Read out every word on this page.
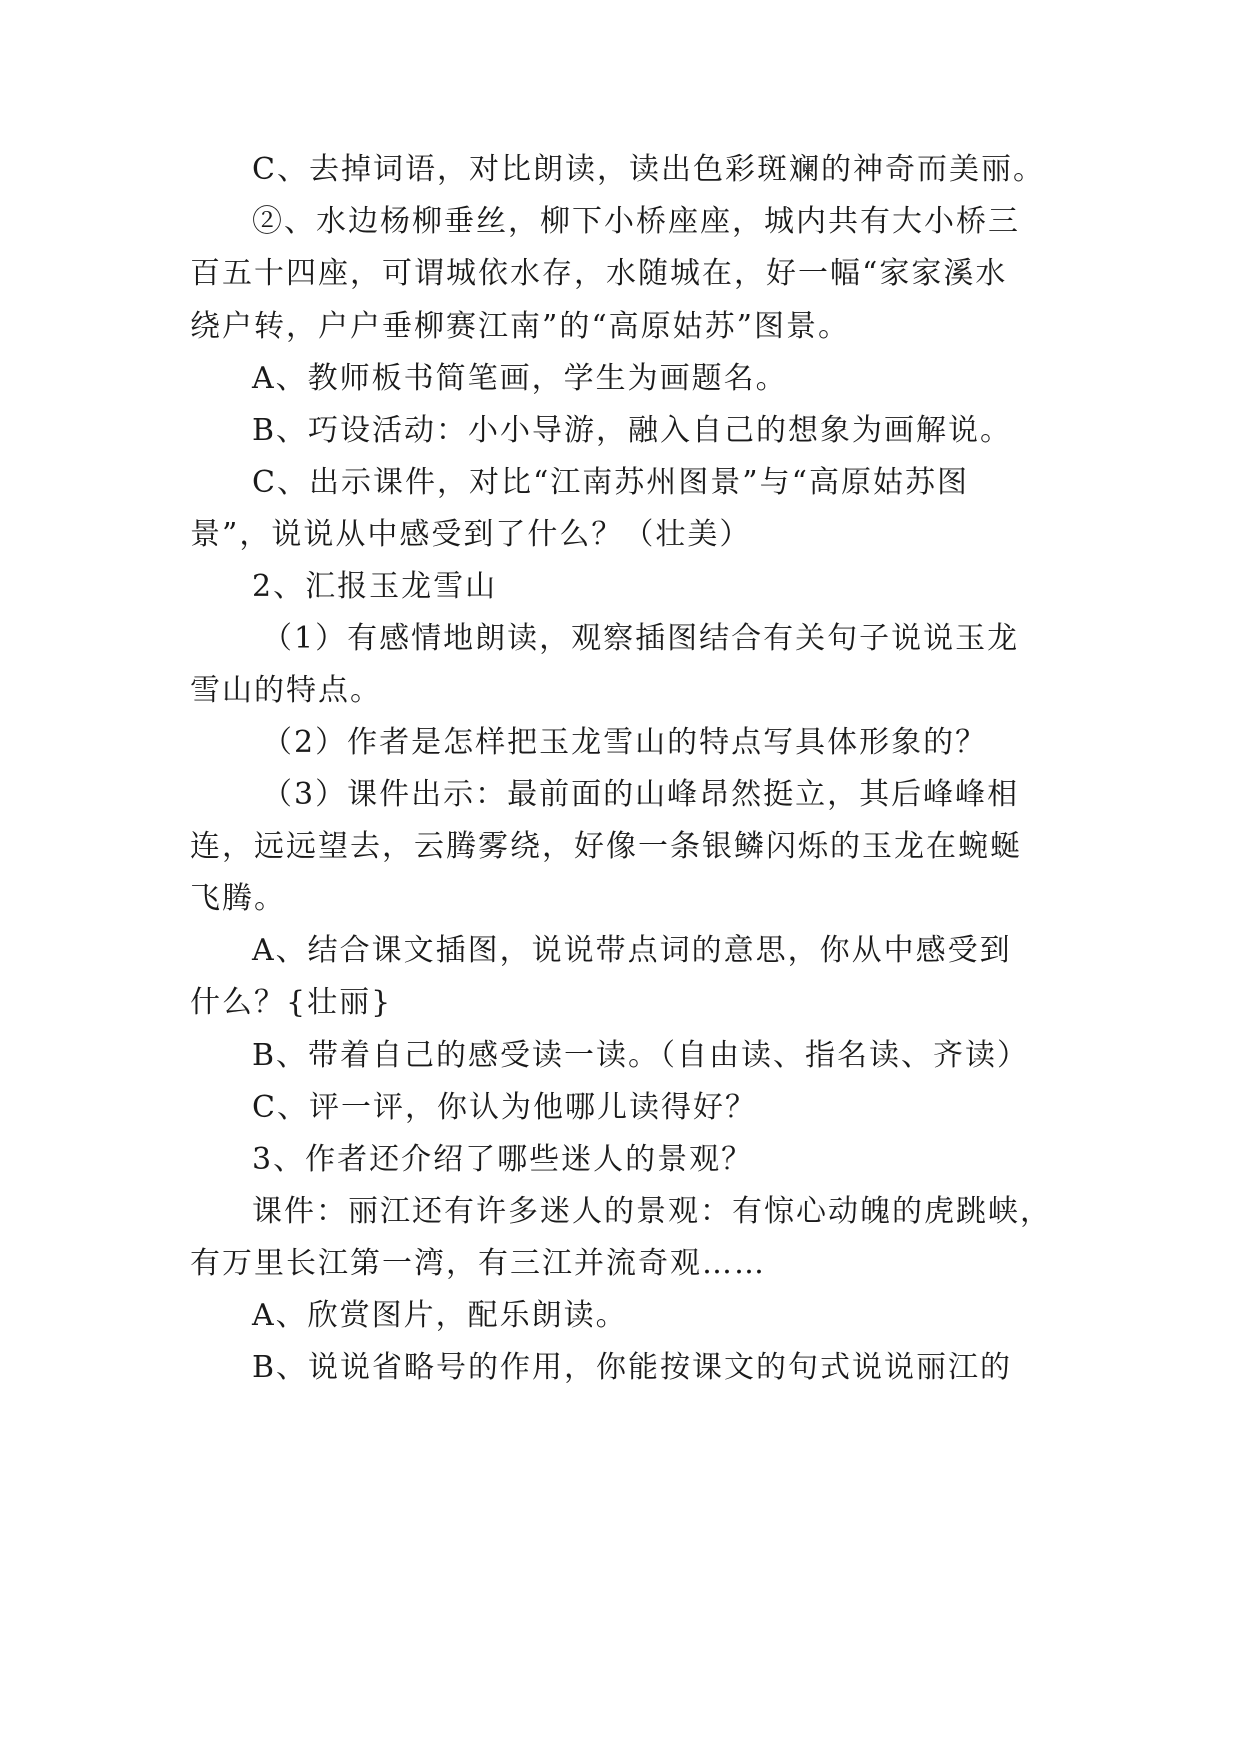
C、去掉词语，对比朗读，读出色彩斑斓的神奇而美丽。
②、水边杨柳垂丝，柳下小桥座座，城内共有大小桥三
百五十四座，可谓城依水存，水随城在，好一幅“家家溪水
绕户转，户户垂柳赛江南”的“高原姑苏”图景。
A、教师板书简笔画，学生为画题名。
B、巧设活动：小小导游，融入自己的想象为画解说。
C、出示课件，对比“江南苏州图景”与“高原姑苏图
景”，说说从中感受到了什么？（壮美）
2、汇报玉龙雪山
（1）有感情地朗读，观察插图结合有关句子说说玉龙
雪山的特点。
（2）作者是怎样把玉龙雪山的特点写具体形象的？
（3）课件出示：最前面的山峰昂然挺立，其后峰峰相
连，远远望去，云腾雾绕，好像一条银鳞闪烁的玉龙在蜿蜒
飞腾。
A、结合课文插图，说说带点词的意思，你从中感受到
什么？{壮丽}
B、带着自己的感受读一读。（自由读、指名读、齐读）
C、评一评，你认为他哪儿读得好？
3、作者还介绍了哪些迷人的景观？
课件：丽江还有许多迷人的景观：有惊心动魄的虎跳峡，
有万里长江第一湾，有三江并流奇观……
A、欣赏图片，配乐朗读。
B、说说省略号的作用，你能按课文的句式说说丽江的
